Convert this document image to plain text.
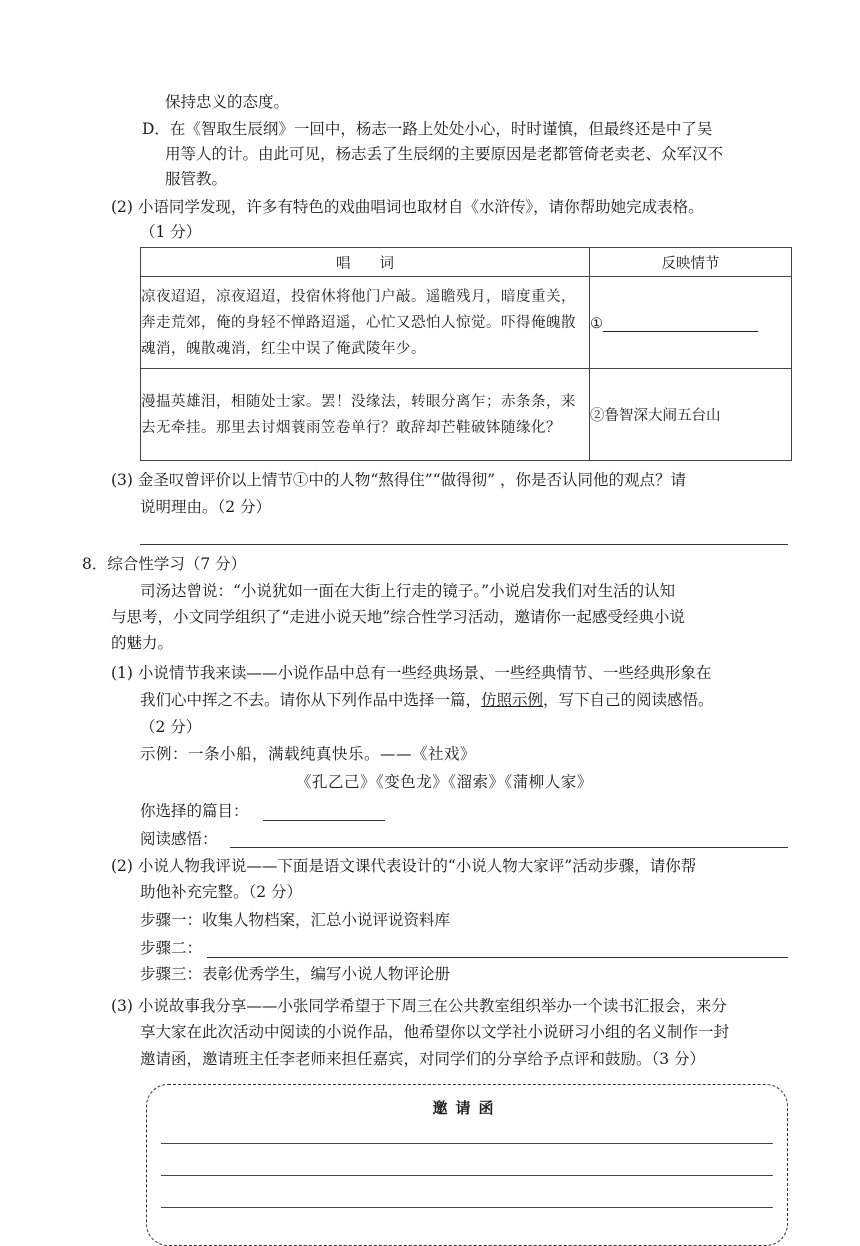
保持忠义的态度。
D．在《智取生辰纲》一回中，杨志一路上处处小心，时时谨慎，但最终还是中了吴
用等人的计。由此可见，杨志丢了生辰纲的主要原因是老都管倚老卖老、众军汉不
服管教。
(2) 小语同学发现，许多有特色的戏曲唱词也取材自《水浒传》，请你帮助她完成表格。
（1 分）
唱　　词	反映情节
凉夜迢迢，凉夜迢迢，投宿休将他门户敲。遥瞻残月，暗度重关，奔走荒郊，俺的身轻不惮路迢遥，心忙又恐怕人惊觉。吓得俺魄散魂消，魄散魂消，红尘中误了俺武陵年少。	①
漫揾英雄泪，相随处士家。罢！没缘法，转眼分离乍；赤条条，来去无牵挂。那里去讨烟蓑雨笠卷单行？敢辞却芒鞋破钵随缘化？	②鲁智深大闹五台山
(3) 金圣叹曾评价以上情节①中的人物“熬得住”“做得彻” ，你是否认同他的观点？请
说明理由。（2 分）
8．综合性学习（7 分）
司汤达曾说：“小说犹如一面在大街上行走的镜子。”小说启发我们对生活的认知
与思考，小文同学组织了“走进小说天地”综合性学习活动，邀请你一起感受经典小说
的魅力。
(1) 小说情节我来读——小说作品中总有一些经典场景、一些经典情节、一些经典形象在
我们心中挥之不去。请你从下列作品中选择一篇，仿照示例，写下自己的阅读感悟。
（2 分）
示例：一条小船，满载纯真快乐。——《社戏》
《孔乙己》《变色龙》《溜索》《蒲柳人家》
你选择的篇目：
阅读感悟：
(2) 小说人物我评说——下面是语文课代表设计的“小说人物大家评”活动步骤，请你帮
助他补充完整。（2 分）
步骤一：收集人物档案，汇总小说评说资料库
步骤二：
步骤三：表彰优秀学生，编写小说人物评论册
(3) 小说故事我分享——小张同学希望于下周三在公共教室组织举办一个读书汇报会，来分
享大家在此次活动中阅读的小说作品，他希望你以文学社小说研习小组的名义制作一封
邀请函，邀请班主任李老师来担任嘉宾，对同学们的分享给予点评和鼓励。（3 分）
邀请函
